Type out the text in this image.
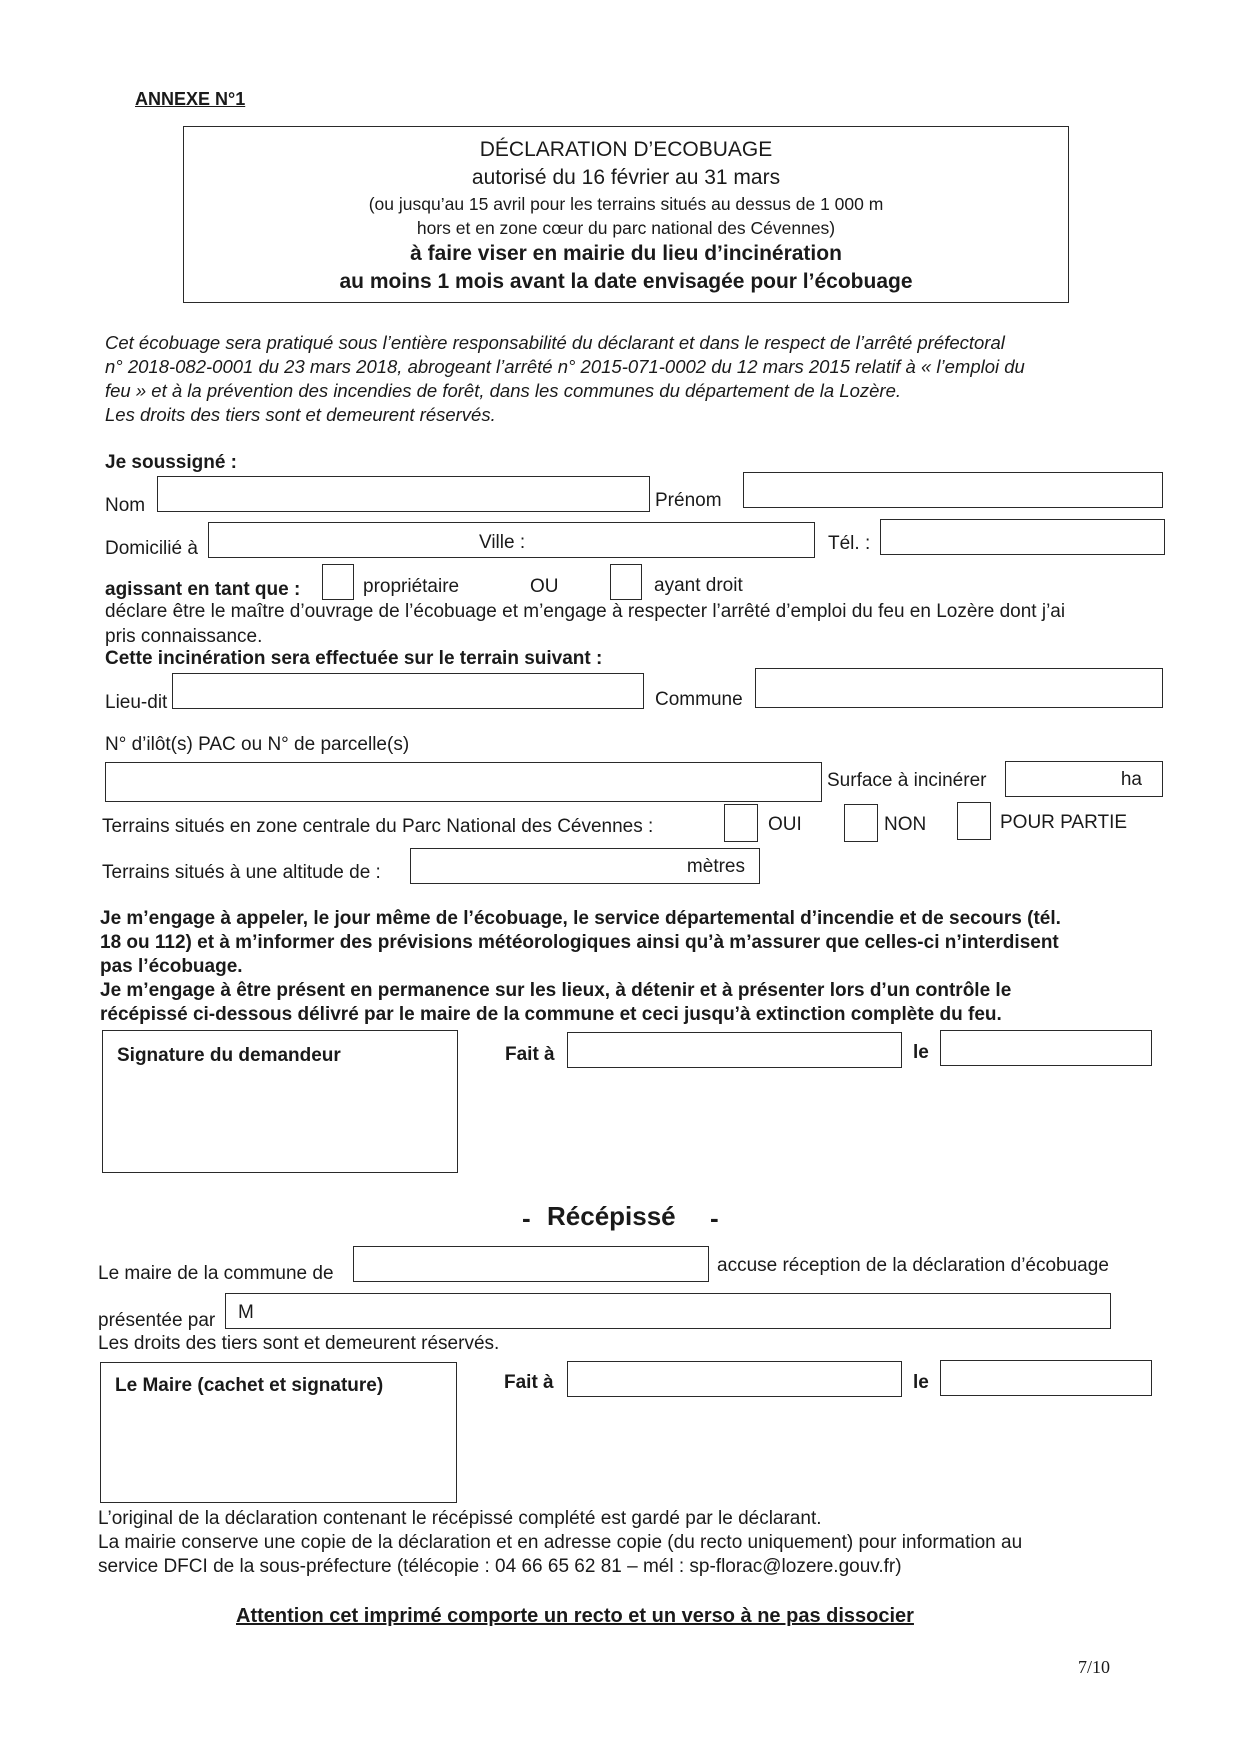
ANNEXE N°1
DÉCLARATION D’ECOBUAGE
autorisé du 16 février au 31 mars
(ou jusqu’au 15 avril pour les terrains situés au dessus de 1 000 m
hors et en zone cœur du parc national des Cévennes)
à faire viser en mairie du lieu d’incinération
au moins 1 mois avant la date envisagée pour l’écobuage
Cet écobuage sera pratiqué sous l’entière responsabilité du déclarant et dans le respect de l’arrêté préfectoral
n° 2018-082-0001 du 23 mars 2018, abrogeant l’arrêté n° 2015-071-0002 du 12 mars 2015 relatif à « l’emploi du
feu » et à la prévention des incendies de forêt, dans les communes du département de la Lozère.
Les droits des tiers sont et demeurent réservés.
Je soussigné :
Nom	Prénom
Domicilié à	Ville :	Tél. :
agissant en tant que :	propriétaire	OU	ayant droit
déclare être le maître d’ouvrage de l’écobuage et m’engage à respecter l’arrêté d’emploi du feu en Lozère dont j’ai
pris connaissance.
Cette incinération sera effectuée sur le terrain suivant :
Lieu-dit	Commune
N° d’ilôt(s) PAC ou N° de parcelle(s)
Surface à incinérer	ha
Terrains situés en zone centrale du Parc National des Cévennes :	OUI	NON	POUR PARTIE
Terrains situés à une altitude de :	mètres
Je m’engage à appeler, le jour même de l’écobuage, le service départemental d’incendie et de secours (tél.
18 ou 112) et à m’informer des prévisions météorologiques ainsi qu’à m’assurer que celles-ci n’interdisent
pas l’écobuage.
Je m’engage à être présent en permanence sur les lieux, à détenir et à présenter lors d’un contrôle le
récépissé ci-dessous délivré par le maire de la commune et ceci jusqu’à extinction complète du feu.
Signature du demandeur	Fait à	le
- Récépissé -
Le maire de la commune de	accuse réception de la déclaration d’écobuage
présentée par M
Les droits des tiers sont et demeurent réservés.
Le Maire (cachet et signature)	Fait à	le
L’original de la déclaration contenant le récépissé complété est gardé par le déclarant.
La mairie conserve une copie de la déclaration et en adresse copie (du recto uniquement) pour information au
service DFCI de la sous-préfecture (télécopie : 04 66 65 62 81 – mél : sp-florac@lozere.gouv.fr)
Attention cet imprimé comporte un recto et un verso à ne pas dissocier
7/10
